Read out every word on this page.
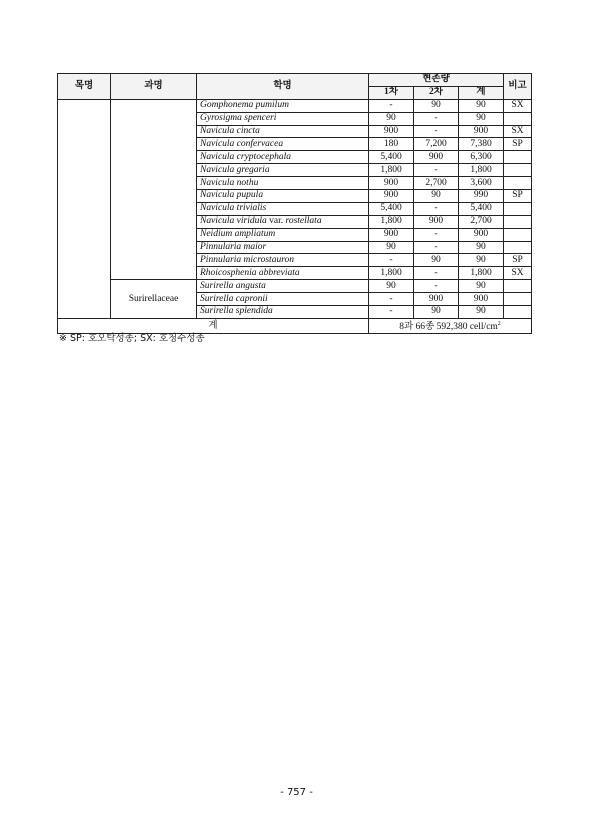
목명	과명	학명	현존량			비고
			1차	2차	계	
		Gomphonema pumilum	-	90	90	SX
		Gyrosigma spenceri	90	-	90	
		Navicula cincta	900	-	900	SX
		Navicula confervacea	180	7,200	7,380	SP
		Navicula cryptocephala	5,400	900	6,300	
		Navicula gregaria	1,800	-	1,800	
		Navicula nothu	900	2,700	3,600	
		Navicula pupula	900	90	990	SP
		Navicula trivialis	5,400	-	5,400	
		Navicula viridula var. rostellata	1,800	900	2,700	
		Neidium ampliatum	900	-	900	
		Pinnularia maior	90	-	90	
		Pinnularia microstauron	-	90	90	SP
		Rhoicosphenia abbreviata	1,800	-	1,800	SX
	Surirellaceae	Surirella angusta	90	-	90	
		Surirella capronii	-	900	900	
		Surirella splendida	-	90	90	
계			8과 66종 592,380 cell/$cm^2$
※ SP: 호오탁성종; SX: 호청수성종
- 757 -
